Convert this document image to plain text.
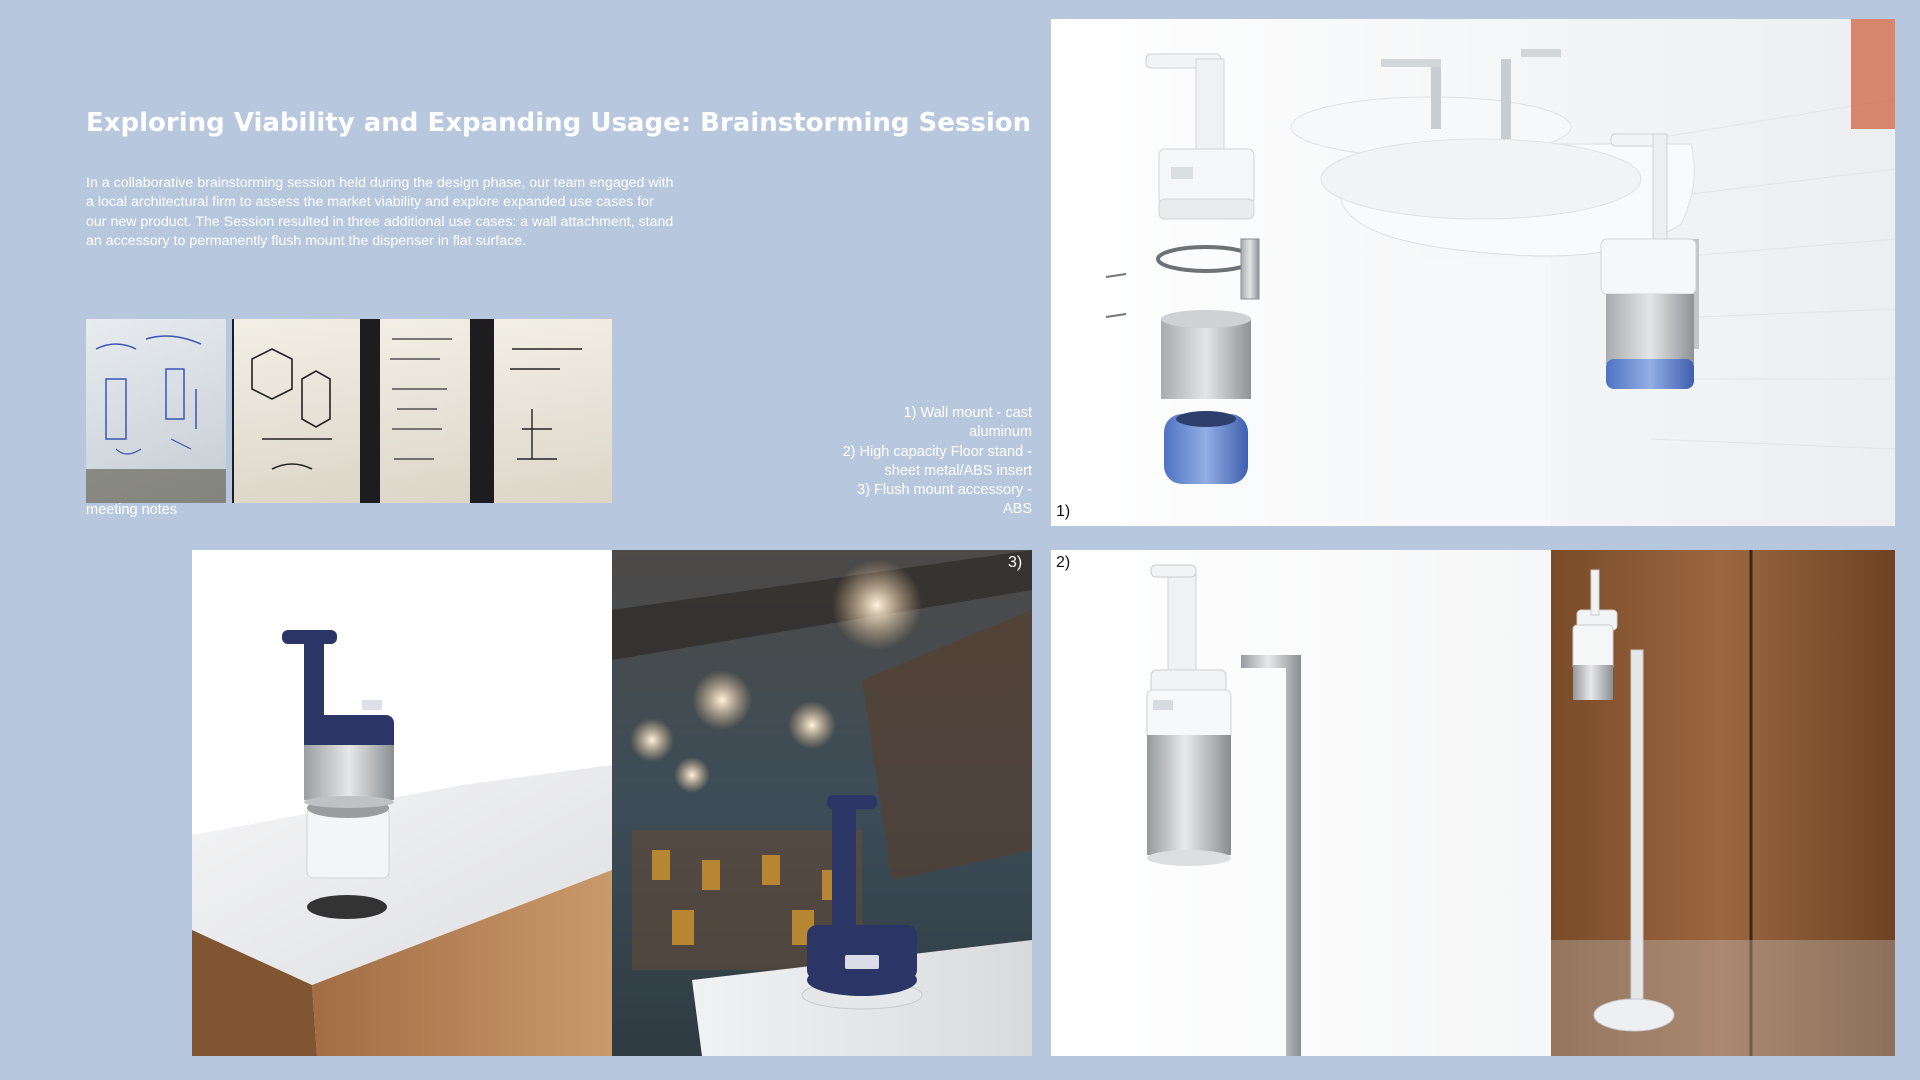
Exploring Viability and Expanding Usage: Brainstorming Session
In a collaborative brainstorming session held during the design phase, our team engaged with a local architectural firm to assess the market viability and explore expanded use cases for our new product. The Session resulted in three additional use cases: a wall attachment, stand an accessory to permanently flush mount the dispenser in flat surface.
meeting notes
1) Wall mount - cast aluminum
2) High capacity Floor stand - sheet metal/ABS insert
3) Flush mount accessory - ABS 1)
3) 2)
